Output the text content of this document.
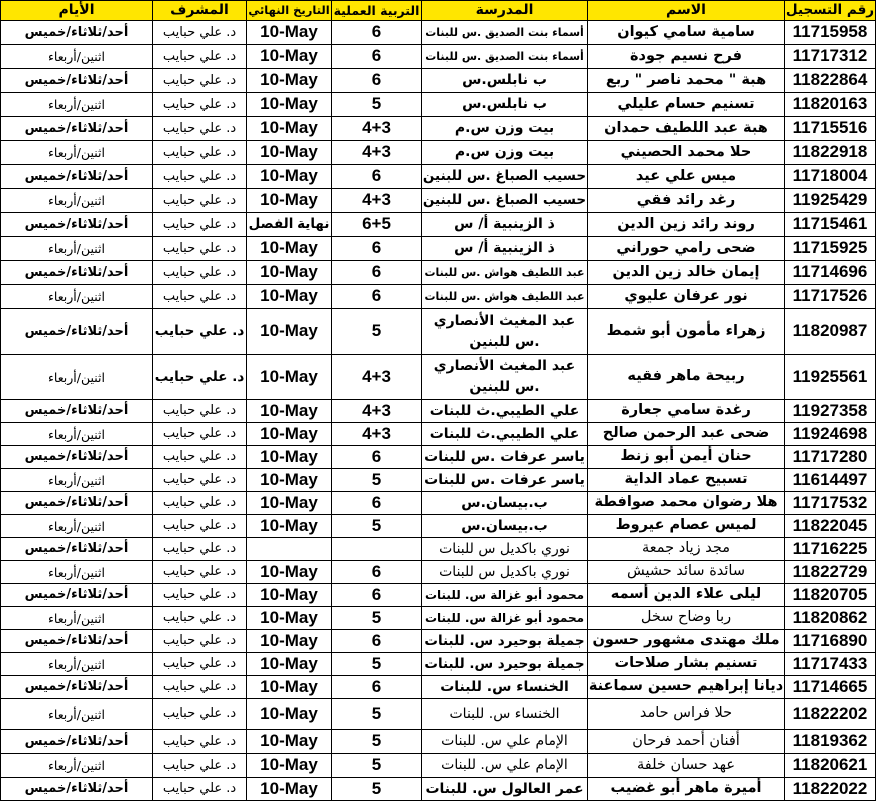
رقم التسجيل
الاسم
المدرسة
التربية العملية
التاريخ النهائي
المشرف
الأيام
11715958
سامية سامي كيوان
أسماء بنت الصديق .س للبنات
6
10-May
د. علي حبايب
أحد/ثلاثاء/خميس
11717312
فرح نسيم جودة
أسماء بنت الصديق .س للبنات
6
10-May
د. علي حبايب
اثنين/أربعاء
11822864
هبة " محمد ناصر " ربع
ب نابلس.س
6
10-May
د. علي حبايب
أحد/ثلاثاء/خميس
11820163
تسنيم حسام عليلي
ب نابلس.س
5
10-May
د. علي حبايب
اثنين/أربعاء
11715516
هبة عبد اللطيف حمدان
بيت وزن س.م
4+3
10-May
د. علي حبايب
أحد/ثلاثاء/خميس
11822918
حلا محمد الحصيني
بيت وزن س.م
4+3
10-May
د. علي حبايب
اثنين/أربعاء
11718004
ميس علي عيد
حسيب الصباغ .س للبنين
6
10-May
د. علي حبايب
أحد/ثلاثاء/خميس
11925429
رغد رائد فقي
حسيب الصباغ .س للبنين
4+3
10-May
د. علي حبايب
اثنين/أربعاء
11715461
روند رائد زين الدين
ذ الزينبية أ/ س
6+5
نهاية الفصل
د. علي حبايب
أحد/ثلاثاء/خميس
11715925
ضحى رامي حوراني
ذ الزينبية أ/ س
6
10-May
د. علي حبايب
اثنين/أربعاء
11714696
إيمان خالد زين الدين
عبد اللطيف هواش .س للبنات
6
10-May
د. علي حبايب
أحد/ثلاثاء/خميس
11717526
نور عرفان عليوي
عبد اللطيف هواش .س للبنات
6
10-May
د. علي حبايب
اثنين/أربعاء
11820987
زهراء مأمون أبو شمط
عبد المغيث الأنصاري .س للبنين
5
10-May
د. علي حبايب
أحد/ثلاثاء/خميس
11925561
ربيحة ماهر فقيه
عبد المغيث الأنصاري .س للبنين
4+3
10-May
د. علي حبايب
اثنين/أربعاء
11927358
رغدة سامي جعارة
علي الطيبي.ث للبنات
4+3
10-May
د. علي حبايب
أحد/ثلاثاء/خميس
11924698
ضحى عبد الرحمن صالح
علي الطيبي.ث للبنات
4+3
10-May
د. علي حبايب
اثنين/أربعاء
11717280
حنان أيمن أبو زنط
ياسر عرفات .س للبنات
6
10-May
د. علي حبايب
أحد/ثلاثاء/خميس
11614497
تسبيح عماد الداية
ياسر عرفات .س للبنات
5
10-May
د. علي حبايب
اثنين/أربعاء
11717532
هلا رضوان محمد صوافطة
ب.بيسان.س
6
10-May
د. علي حبايب
أحد/ثلاثاء/خميس
11822045
لميس عصام عيروط
ب.بيسان.س
5
10-May
د. علي حبايب
اثنين/أربعاء
11716225
مجد زياد جمعة
نوري باكديل س للبنات
د. علي حبايب
أحد/ثلاثاء/خميس
11822729
سائدة سائد حشيش
نوري باكديل س للبنات
6
10-May
د. علي حبايب
اثنين/أربعاء
11820705
ليلى علاء الدين أسمه
محمود أبو غزالة س. للبنات
6
10-May
د. علي حبايب
أحد/ثلاثاء/خميس
11820862
ربا وضاح سخل
محمود أبو غزالة س. للبنات
5
10-May
د. علي حبايب
اثنين/أربعاء
11716890
ملك مهتدى مشهور حسون
جميلة بوحيرد س. للبنات
6
10-May
د. علي حبايب
أحد/ثلاثاء/خميس
11717433
تسنيم بشار صلاحات
جميلة بوحيرد س. للبنات
5
10-May
د. علي حبايب
اثنين/أربعاء
11714665
ديانا إبراهيم حسين سماعنة
الخنساء س. للبنات
6
10-May
د. علي حبايب
أحد/ثلاثاء/خميس
11822202
حلا فراس حامد
الخنساء س. للبنات
5
10-May
د. علي حبايب
اثنين/أربعاء
11819362
أفنان أحمد فرحان
الإمام علي س. للبنات
5
10-May
د. علي حبايب
أحد/ثلاثاء/خميس
11820621
عهد حسان خلفة
الإمام علي س. للبنات
5
10-May
د. علي حبايب
اثنين/أربعاء
11822022
أميرة ماهر أبو غضيب
عمر العالول س. للبنات
5
10-May
د. علي حبايب
أحد/ثلاثاء/خميس
